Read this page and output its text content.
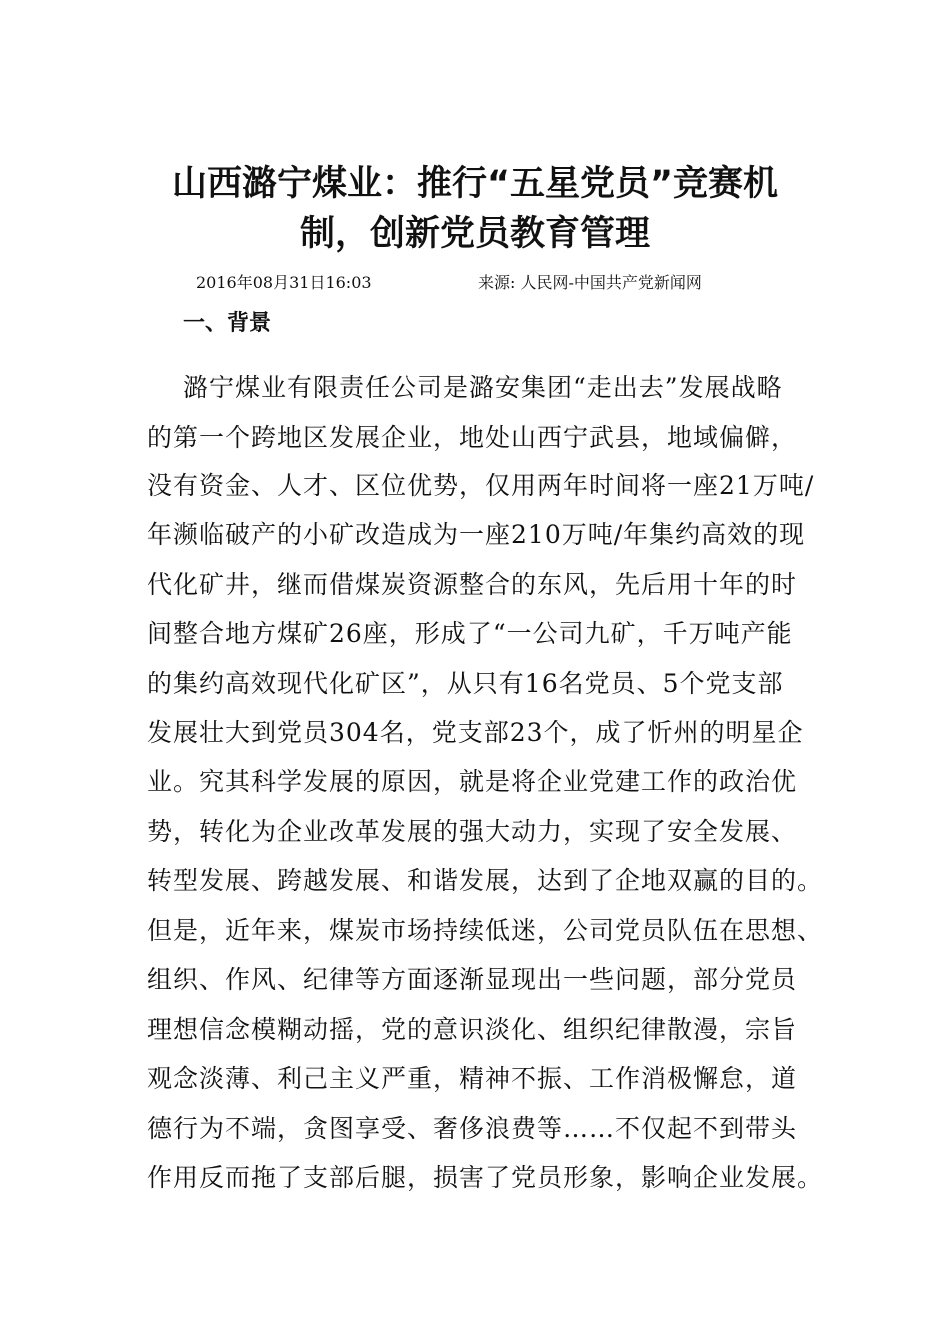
山西潞宁煤业：推行“五星党员”竞赛机
制，创新党员教育管理
2016年08月31日16:03	来源: 人民网-中国共产党新闻网
一、背景
潞宁煤业有限责任公司是潞安集团“走出去”发展战略
的第一个跨地区发展企业，地处山西宁武县，地域偏僻，
没有资金、人才、区位优势，仅用两年时间将一座21万吨/
年濒临破产的小矿改造成为一座210万吨/年集约高效的现
代化矿井，继而借煤炭资源整合的东风，先后用十年的时
间整合地方煤矿26座，形成了“一公司九矿，千万吨产能
的集约高效现代化矿区”，从只有16名党员、5个党支部
发展壮大到党员304名，党支部23个，成了忻州的明星企
业。究其科学发展的原因，就是将企业党建工作的政治优
势，转化为企业改革发展的强大动力，实现了安全发展、
转型发展、跨越发展、和谐发展，达到了企地双赢的目的。
但是，近年来，煤炭市场持续低迷，公司党员队伍在思想、
组织、作风、纪律等方面逐渐显现出一些问题，部分党员
理想信念模糊动摇，党的意识淡化、组织纪律散漫，宗旨
观念淡薄、利己主义严重，精神不振、工作消极懈怠，道
德行为不端，贪图享受、奢侈浪费等……不仅起不到带头
作用反而拖了支部后腿，损害了党员形象，影响企业发展。
